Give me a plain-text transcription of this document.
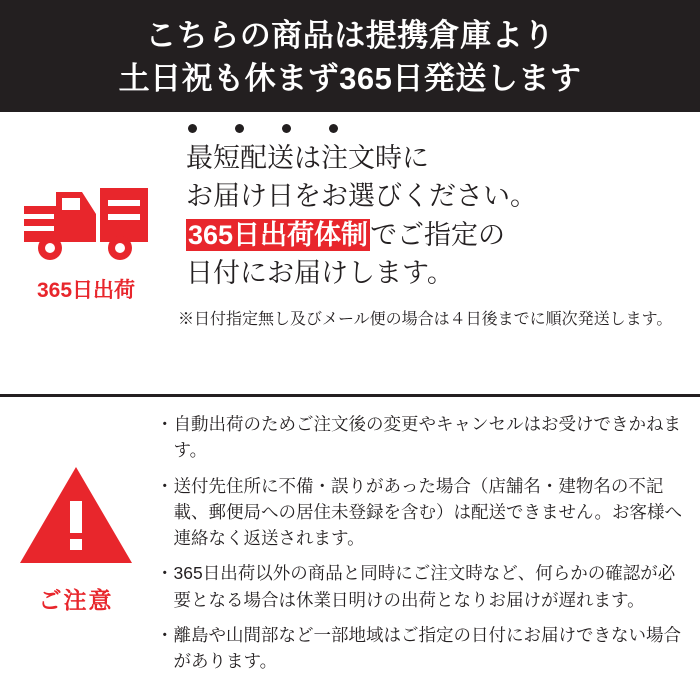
こちらの商品は提携倉庫より
土日祝も休まず365日発送します
365日出荷
最短配送は注文時に
お届け日をお選びください。
365日出荷体制でご指定の
日付にお届けします。
※日付指定無し及びメール便の場合は４日後までに順次発送します。
ご注意
・ 自動出荷のためご注文後の変更やキャンセルはお受けできかねます。
・ 送付先住所に不備・誤りがあった場合（店舗名・建物名の不記載、郵便局への居住未登録を含む）は配送できません。お客様へ連絡なく返送されます。
・ 365日出荷以外の商品と同時にご注文時など、何らかの確認が必要となる場合は休業日明けの出荷となりお届けが遅れます。
・ 離島や山間部など一部地域はご指定の日付にお届けできない場合があります。
